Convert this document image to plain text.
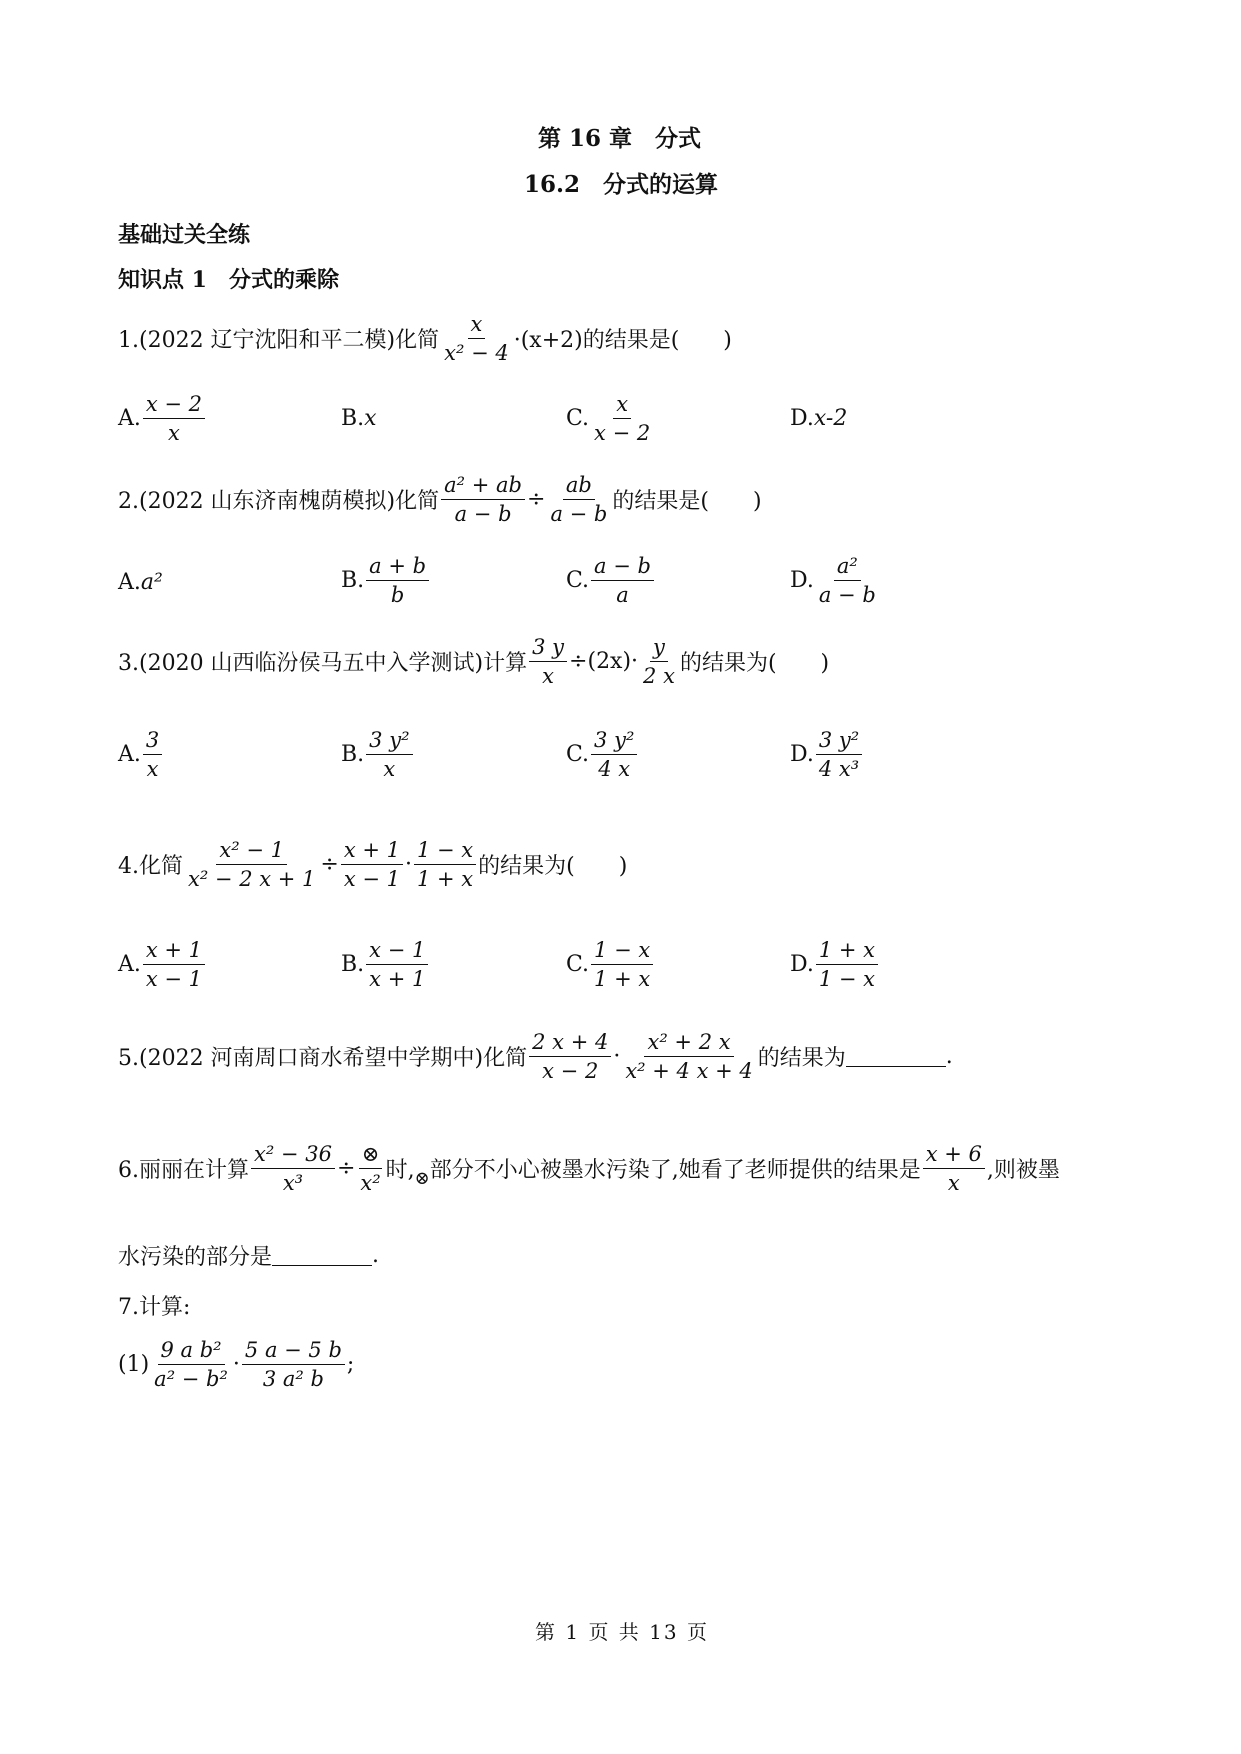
第 16 章　分式
16.2　分式的运算
基础过关全练
知识点 1　分式的乘除
1.(2022 辽宁沈阳和平二模)化简 $\frac{x}{\text{x² − 4}} \cdot(x+2)$的结果是(　　)
A. $\frac{x - 2}{x}$	B. x	C. $\frac{x}{x - 2}$	D. x-2
2.(2022 山东济南槐荫模拟)化简 $\frac{\text{a² + ab}}{a - b} \div \frac{ab}{a - b}$ 的结果是(　　)
A. a²	B. $\frac{a + b}{b}$	C. $\frac{a - b}{a}$	D. $\frac{\text{a²}}{a - b}$
3.(2020 山西临汾侯马五中入学测试)计算 $\frac{3 y}{x} \div(2x)\cdot \frac{y}{2 x}$ 的结果为(　　)
A. $\frac{3}{x}$	B. $\frac{\text{3 y²}}{x}$	C. $\frac{\text{3 y²}}{4 x}$	D. $\frac{\text{3 y²}}{\text{4 x³}}$
4.化简 $\frac{\text{x² − 1}}{\text{x² − 2 x + 1}} \div \frac{x + 1}{x - 1} \cdot \frac{1 - x}{1 + x}$ 的结果为(　　)
A. $\frac{x + 1}{x - 1}$	B. $\frac{x - 1}{x + 1}$	C. $\frac{1 - x}{1 + x}$	D. $\frac{1 + x}{1 - x}$
5.(2022 河南周口商水希望中学期中)化简 $\frac{2 x + 4}{x - 2} \cdot \frac{\text{x² + 2 x}}{\text{x² + 4 x + 4}}$ 的结果为	.
6.丽丽在计算 $\frac{\text{x² − 36}}{\text{x³}} \div \frac{\otimes}{\text{x²}}$ 时, ⊗ 部分不小心被墨水污染了,她看了老师提供的结果是 $\frac{x + 6}{x}$ ,则被墨
水污染的部分是	.
7.计算:
$(1) \frac{\text{9 a b²}}{\text{a² − b²}} \cdot \frac{5 a - 5 b}{\text{3 a² b}}$ ;
第 1 页 共 13 页
